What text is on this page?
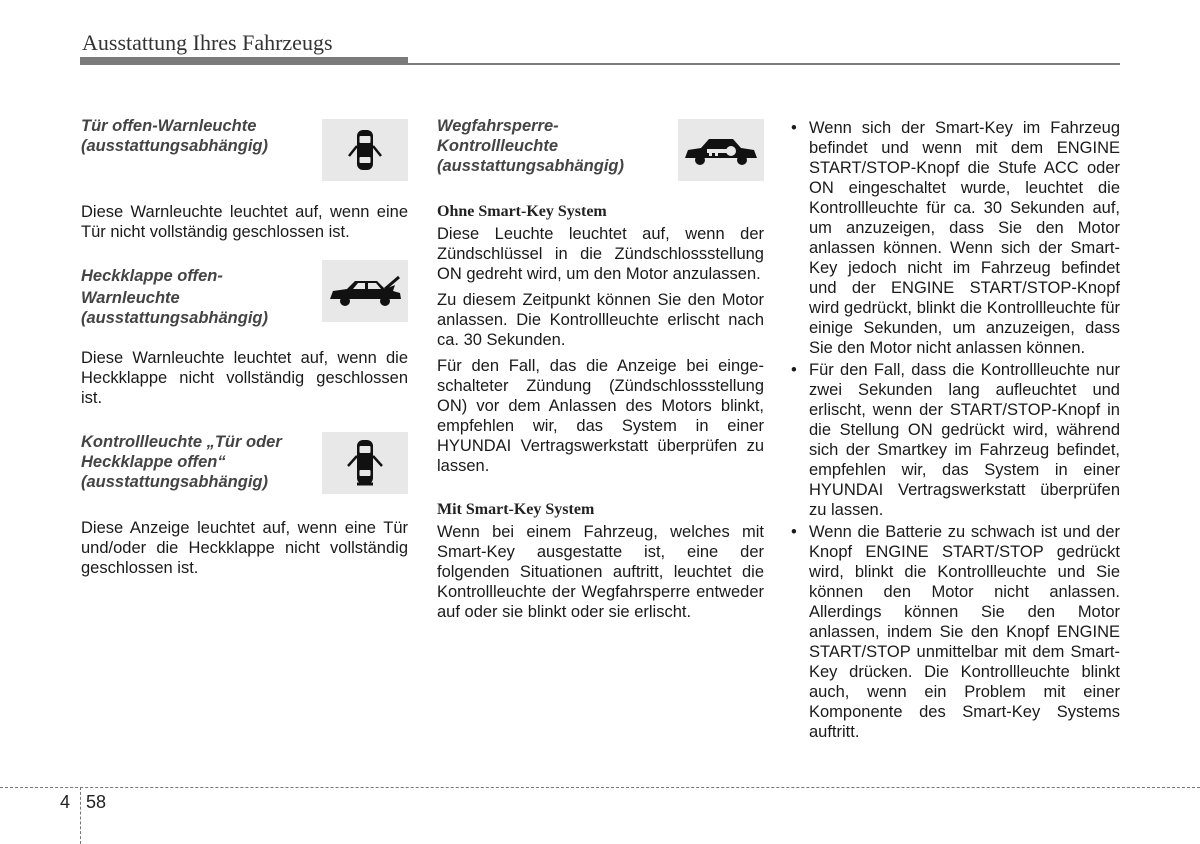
Ausstattung Ihres Fahrzeugs

Tür offen-Warnleuchte (ausstattungsabhängig)

Diese Warnleuchte leuchtet auf, wenn eine Tür nicht vollständig geschlossen ist.

Heckklappe offen-

Warnleuchte (ausstattungsabhängig)

Diese Warnleuchte leuchtet auf, wenn die Heckklappe nicht vollständig geschlossen ist.

Kontrollleuchte „Tür oder Heckklappe offen“ (ausstattungsabhängig)

Diese Anzeige leuchtet auf, wenn eine Tür und/oder die Heckklappe nicht vollständig geschlossen ist.

Wegfahrsperre-Kontrollleuchte (ausstattungsabhängig)

Ohne Smart-Key System

Diese Leuchte leuchtet auf, wenn der Zündschlüssel in die Zündschlossstellung ON gedreht wird, um den Motor anzulassen.

Zu diesem Zeitpunkt können Sie den Motor anlassen. Die Kontrollleuchte erlischt nach ca. 30 Sekunden.

Für den Fall, das die Anzeige bei eingeschalteter Zündung (Zündschlossstellung ON) vor dem Anlassen des Motors blinkt, empfehlen wir, das System in einer HYUNDAI Vertragswerkstatt überprüfen zu lassen.

Mit Smart-Key System

Wenn bei einem Fahrzeug, welches mit Smart-Key ausgestatte ist, eine der folgenden Situationen auftritt, leuchtet die Kontrollleuchte der Wegfahrsperre entweder auf oder sie blinkt oder sie erlischt.

• Wenn sich der Smart-Key im Fahrzeug befindet und wenn mit dem ENGINE START/STOP-Knopf die Stufe ACC oder ON eingeschaltet wurde, leuchtet die Kontrollleuchte für ca. 30 Sekunden auf, um anzuzeigen, dass Sie den Motor anlassen können. Wenn sich der Smart-Key jedoch nicht im Fahrzeug befindet und der ENGINE START/STOP-Knopf wird gedrückt, blinkt die Kontrollleuchte für einige Sekunden, um anzuzeigen, dass Sie den Motor nicht anlassen können.
• Für den Fall, dass die Kontrollleuchte nur zwei Sekunden lang aufleuchtet und erlischt, wenn der START/STOP-Knopf in die Stellung ON gedrückt wird, während sich der Smartkey im Fahrzeug befindet, empfehlen wir, das System in einer HYUNDAI Vertragswerkstatt überprüfen zu lassen.
• Wenn die Batterie zu schwach ist und der Knopf ENGINE START/STOP gedrückt wird, blinkt die Kontrollleuchte und Sie können den Motor nicht anlassen. Allerdings können Sie den Motor anlassen, indem Sie den Knopf ENGINE START/STOP unmittelbar mit dem Smart-Key drücken. Die Kontrollleuchte blinkt auch, wenn ein Problem mit einer Komponente des Smart-Key Systems auftritt.
4 58
